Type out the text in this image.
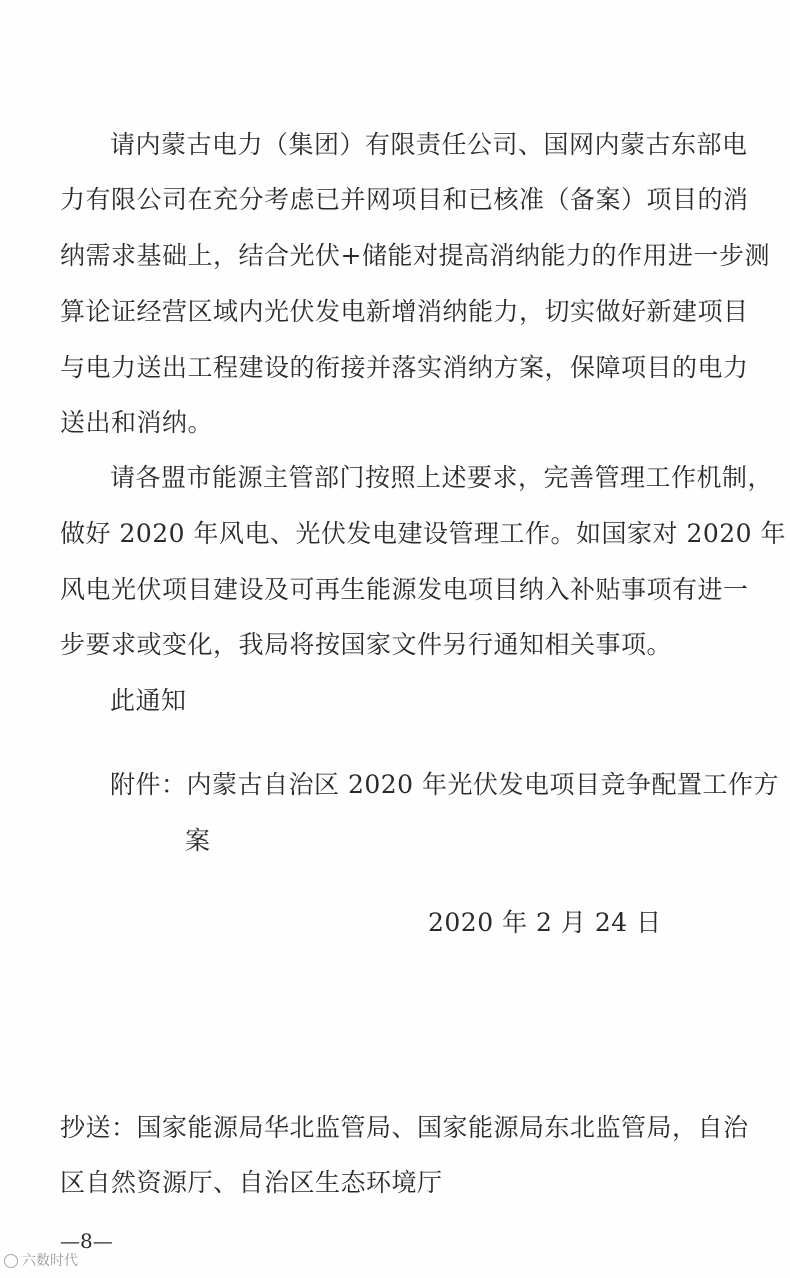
请内蒙古电力（集团）有限责任公司、国网内蒙古东部电
力有限公司在充分考虑已并网项目和已核准（备案）项目的消
纳需求基础上，结合光伏+储能对提高消纳能力的作用进一步测
算论证经营区域内光伏发电新增消纳能力，切实做好新建项目
与电力送出工程建设的衔接并落实消纳方案，保障项目的电力
送出和消纳。
请各盟市能源主管部门按照上述要求，完善管理工作机制，
做好 2020 年风电、光伏发电建设管理工作。如国家对 2020 年
风电光伏项目建设及可再生能源发电项目纳入补贴事项有进一
步要求或变化，我局将按国家文件另行通知相关事项。
此通知
附件：内蒙古自治区 2020 年光伏发电项目竞争配置工作方
案
2020 年 2 月 24 日
抄送：国家能源局华北监管局、国家能源局东北监管局，自治
区自然资源厅、自治区生态环境厅
—8—
六数时代
